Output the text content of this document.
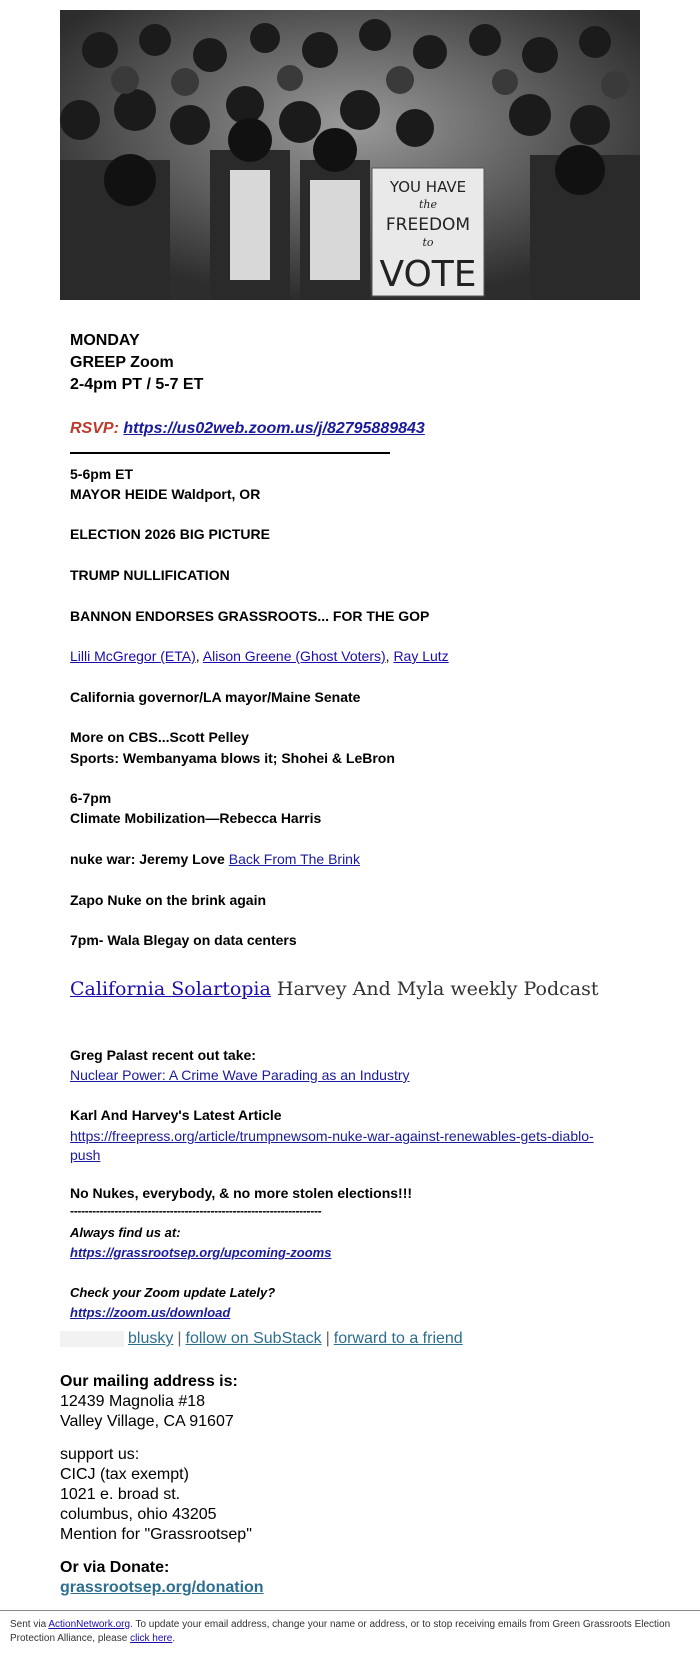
YOU HAVE
the
FREEDOM
to
VOTE
MONDAY
GREEP Zoom
2-4pm PT / 5-7 ET
RSVP: https://us02web.zoom.us/j/82795889843
5-6pm ET
MAYOR HEIDE Waldport, OR
ELECTION 2026 BIG PICTURE
TRUMP NULLIFICATION
BANNON ENDORSES GRASSROOTS... FOR THE GOP
Lilli McGregor (ETA), Alison Greene (Ghost Voters), Ray Lutz
California governor/LA mayor/Maine Senate
More on CBS...Scott Pelley
Sports: Wembanyama blows it; Shohei & LeBron
6-7pm
Climate Mobilization—Rebecca Harris
nuke war: Jeremy Love Back From The Brink
Zapo Nuke on the brink again
7pm- Wala Blegay on data centers
California Solartopia Harvey And Myla weekly Podcast
Greg Palast recent out take:
Nuclear Power: A Crime Wave Parading as an Industry
Karl And Harvey's Latest Article
https://freepress.org/article/trumpnewsom-nuke-war-against-renewables-gets-diablo-
push
No Nukes, everybody, & no more stolen elections!!!
--------------------------------------------------------------------
Always find us at:
https://grassrootsep.org/upcoming-zooms
Check your Zoom update Lately?
https://zoom.us/download
blusky | follow on SubStack | forward to a friend
Our mailing address is:
12439 Magnolia #18
Valley Village, CA 91607
support us:
CICJ (tax exempt)
1021 e. broad st.
columbus, ohio 43205
Mention for "Grassrootsep"
Or via Donate:
grassrootsep.org/donation
Sent via ActionNetwork.org. To update your email address, change your name or address, or to stop receiving emails from Green Grassroots Election Protection Alliance, please click here.
